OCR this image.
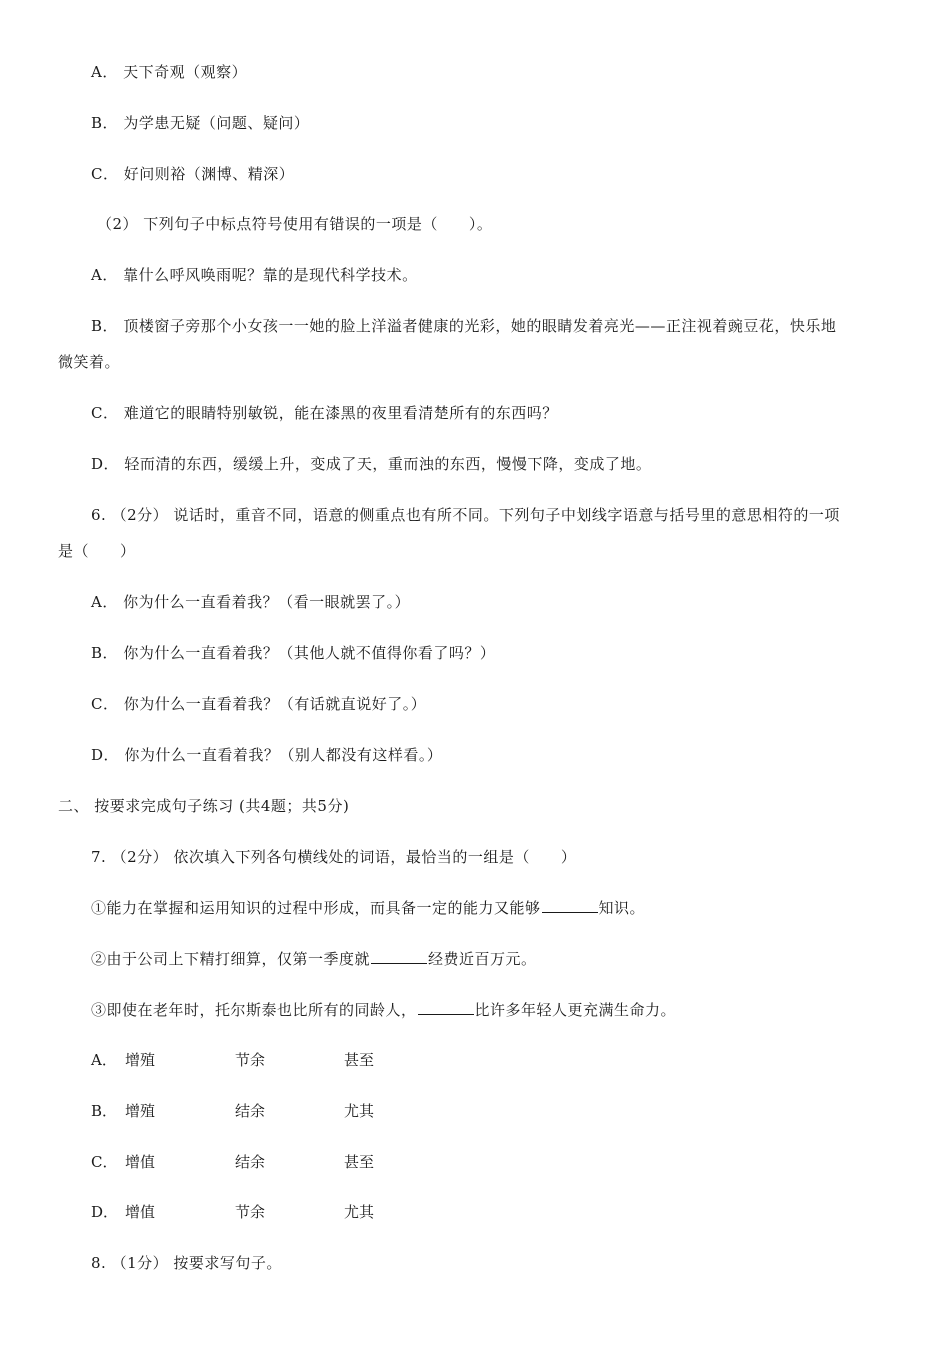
A． 天下奇观（观察）
B． 为学患无疑（问题、疑问）
C． 好问则裕（渊博、精深）
（2） 下列句子中标点符号使用有错误的一项是（　　）。
A． 靠什么呼风唤雨呢？靠的是现代科学技术。
B． 顶楼窗子旁那个小女孩一一她的脸上洋溢者健康的光彩，她的眼睛发着亮光——正注视着豌豆花，快乐地
微笑着。
C． 难道它的眼睛特别敏锐，能在漆黑的夜里看清楚所有的东西吗？
D． 轻而清的东西，缓缓上升，变成了天，重而浊的东西，慢慢下降，变成了地。
6. （2分） 说话时，重音不同，语意的侧重点也有所不同。下列句子中划线字语意与括号里的意思相符的一项
是（　　）
A． 你为什么一直看着我？（看一眼就罢了。）
B． 你为什么一直看着我？（其他人就不值得你看了吗？）
C． 你为什么一直看着我？（有话就直说好了。）
D． 你为什么一直看着我？（别人都没有这样看。）
二、 按要求完成句子练习 (共4题；共5分)
7. （2分） 依次填入下列各句横线处的词语，最恰当的一组是（　　）
①能力在掌握和运用知识的过程中形成，而具备一定的能力又能够	知识。
②由于公司上下精打细算，仅第一季度就	经费近百万元。
③即使在老年时，托尔斯泰也比所有的同龄人，	比许多年轻人更充满生命力。
A． 增殖	节余	甚至
B． 增殖	结余	尤其
C． 增值	结余	甚至
D． 增值	节余	尤其
8. （1分） 按要求写句子。
